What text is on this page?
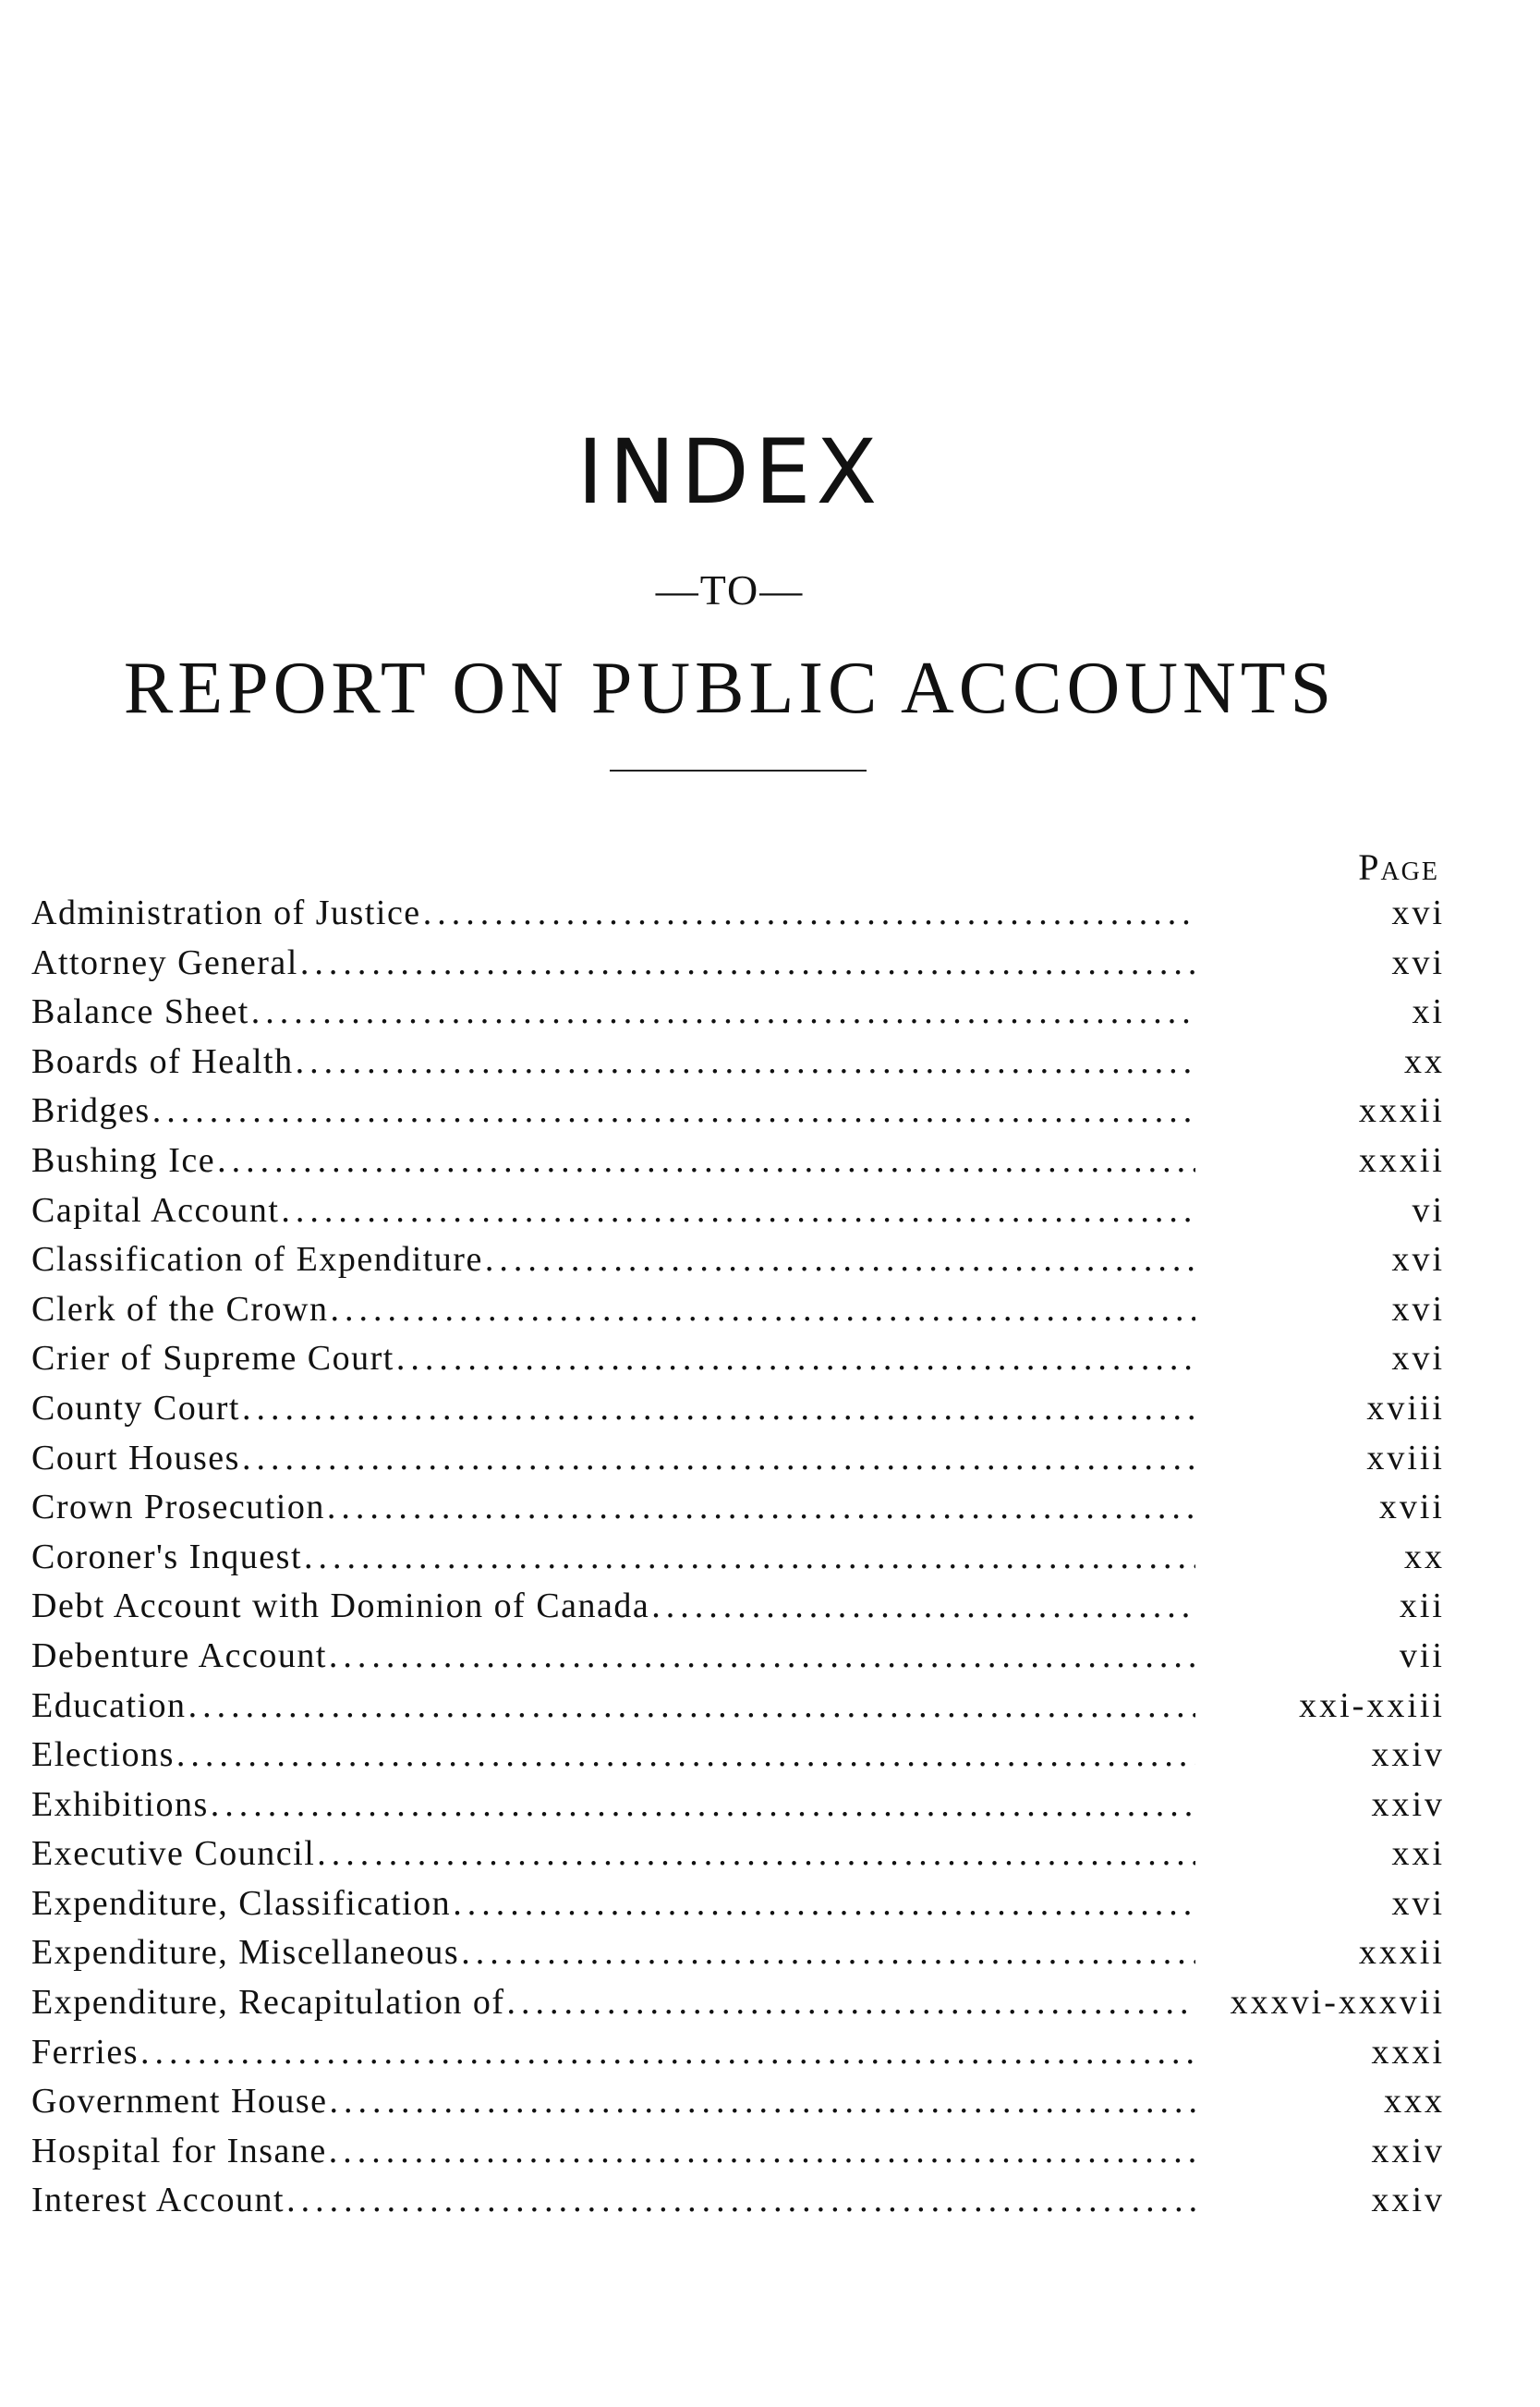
INDEX
—TO—
REPORT ON PUBLIC ACCOUNTS
Page
Administration of Justice .....	xvi
Attorney General .....	xvi
Balance Sheet .....	xi
Boards of Health .....	xx
Bridges .....	xxxii
Bushing Ice .....	xxxii
Capital Account .....	vi
Classification of Expenditure .....	xvi
Clerk of the Crown .....	xvi
Crier of Supreme Court .....	xvi
County Court .....	xviii
Court Houses .....	xviii
Crown Prosecution .....	xvii
Coroner's Inquest .....	xx
Debt Account with Dominion of Canada .....	xii
Debenture Account .....	vii
Education .....	xxi-xxiii
Elections .....	xxiv
Exhibitions .....	xxiv
Executive Council .....	xxi
Expenditure, Classification .....	xvi
Expenditure, Miscellaneous .....	xxxii
Expenditure, Recapitulation of .....	xxxvi-xxxvii
Ferries .....	xxxi
Government House .....	xxx
Hospital for Insane .....	xxiv
Interest Account .....	xxiv
